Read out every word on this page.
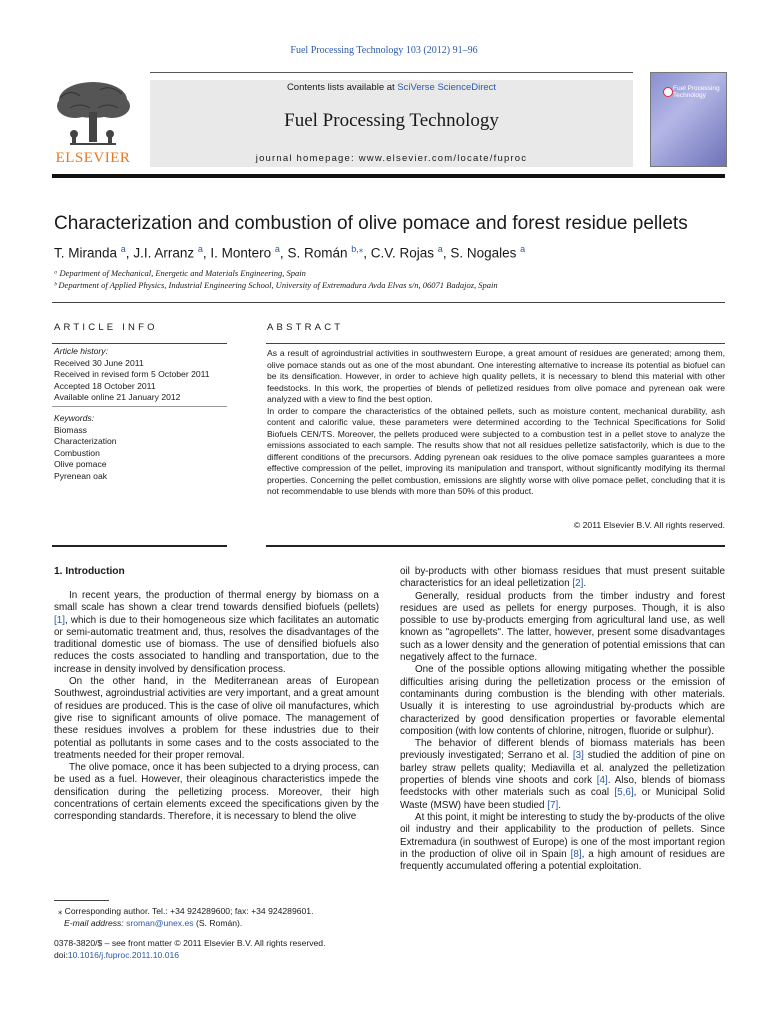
Fuel Processing Technology 103 (2012) 91–96
Contents lists available at SciVerse ScienceDirect
Fuel Processing Technology
journal homepage: www.elsevier.com/locate/fuproc
ELSEVIER
Fuel Processing Technology
Characterization and combustion of olive pomace and forest residue pellets
T. Miranda $^a$, J.I. Arranz $^a$, I. Montero $^a$, S. Román $^{b,⁎}$, C.V. Rojas $^a$, S. Nogales $^a$
ᵃ Department of Mechanical, Energetic and Materials Engineering, Spain
ᵇ Department of Applied Physics, Industrial Engineering School, University of Extremadura Avda Elvas s/n, 06071 Badajoz, Spain
ARTICLE INFO	ABSTRACT
Article history:
Received 30 June 2011
Received in revised form 5 October 2011
Accepted 18 October 2011
Available online 21 January 2012
Keywords:
Biomass
Characterization
Combustion
Olive pomace
Pyrenean oak

As a result of agroindustrial activities in southwestern Europe, a great amount of residues are generated; among them, olive pomace stands out as one of the most abundant. One interesting alternative to increase its potential as biofuel can be its densification. However, in order to achieve high quality pellets, it is necessary to blend this material with other feedstocks. In this work, the properties of blends of pelletized residues from olive pomace and pyrenean oak were analyzed with a view to find the best option.

In order to compare the characteristics of the obtained pellets, such as moisture content, mechanical durability, ash content and calorific value, these parameters were determined according to the Technical Specifications for Solid Biofuels CEN/TS. Moreover, the pellets produced were subjected to a combustion test in a pellet stove to analyze the emissions associated to each sample. The results show that not all residues pelletize satisfactorily, which is due to the different conditions of the precursors. Adding pyrenean oak residues to the olive pomace samples guarantees a more effective compression of the pellet, improving its manipulation and transport, without significantly modifying its thermal properties. Concerning the pellet combustion, emissions are slightly worse with olive pomace pellet, concluding that it is not recommendable to use blends with more than 50% of this product.

© 2011 Elsevier B.V. All rights reserved.
1. Introduction

In recent years, the production of thermal energy by biomass on a small scale has shown a clear trend towards densified biofuels (pellets) [1], which is due to their homogeneous size which facilitates an automatic or semi-automatic treatment and, thus, resolves the disadvantages of the traditional domestic use of biomass. The use of densified biofuels also reduces the costs associated to handling and transportation, due to the increase in density involved by densification process.

On the other hand, in the Mediterranean areas of European Southwest, agroindustrial activities are very important, and a great amount of residues are produced. This is the case of olive oil manufactures, which give rise to significant amounts of olive pomace. The management of these residues involves a problem for these industries due to their potential as pollutants in some cases and to the costs associated to the treatments needed for their proper removal.

The olive pomace, once it has been subjected to a drying process, can be used as a fuel. However, their oleaginous characteristics impede the densification during the pelletizing process. Moreover, their high concentrations of certain elements exceed the specifications given by the corresponding standards. Therefore, it is necessary to blend the olive

oil by-products with other biomass residues that must present suitable characteristics for an ideal pelletization [2].

Generally, residual products from the timber industry and forest residues are used as pellets for energy purposes. Though, it is also possible to use by-products emerging from agricultural land use, as well known as "agropellets". The latter, however, present some disadvantages such as a lower density and the generation of potential emissions that can negatively affect to the furnace.

One of the possible options allowing mitigating whether the possible difficulties arising during the pelletization process or the emission of contaminants during combustion is the blending with other materials. Usually it is interesting to use agroindustrial by-products which are characterized by good densification properties or favorable elemental composition (with low contents of chlorine, nitrogen, fluoride or sulphur).

The behavior of different blends of biomass materials has been previously investigated; Serrano et al. [3] studied the addition of pine on barley straw pellets quality; Mediavilla et al. analyzed the pelletization properties of blends vine shoots and cork [4]. Also, blends of biomass feedstocks with other materials such as coal [5,6], or Municipal Solid Waste (MSW) have been studied [7].

At this point, it might be interesting to study the by-products of the olive oil industry and their applicability to the production of pellets. Since Extremadura (in southwest of Europe) is one of the most important region in the production of olive oil in Spain [8], a high amount of residues are frequently accumulated offering a potential exploitation.

⁎ Corresponding author. Tel.: +34 924289600; fax: +34 924289601.
E-mail address: sroman@unex.es (S. Román).
0378-3820/$ – see front matter © 2011 Elsevier B.V. All rights reserved.
doi:10.1016/j.fuproc.2011.10.016
